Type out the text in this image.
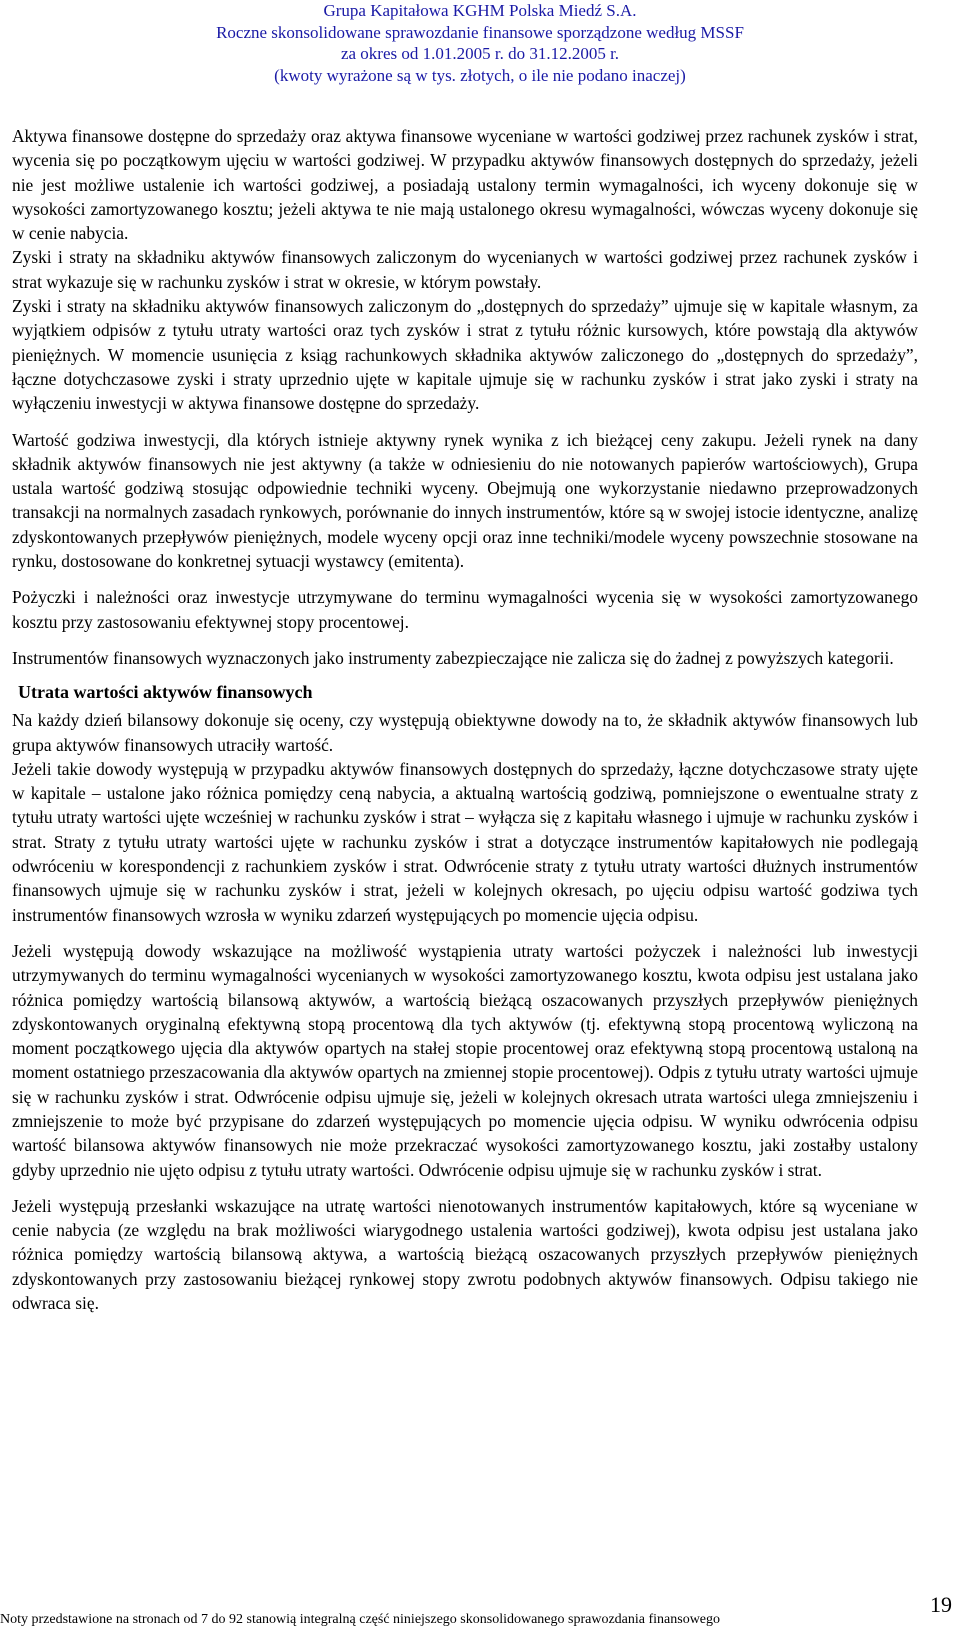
Grupa Kapitałowa KGHM Polska Miedź S.A.
Roczne skonsolidowane sprawozdanie finansowe sporządzone według MSSF
za okres od 1.01.2005 r. do 31.12.2005 r.
(kwoty wyrażone są w tys. złotych, o ile nie podano inaczej)

Aktywa finansowe dostępne do sprzedaży oraz aktywa finansowe wyceniane w wartości godziwej przez rachunek zysków i strat, wycenia się po początkowym ujęciu w wartości godziwej. W przypadku aktywów finansowych dostępnych do sprzedaży, jeżeli nie jest możliwe ustalenie ich wartości godziwej, a posiadają ustalony termin wymagalności, ich wyceny dokonuje się w wysokości zamortyzowanego kosztu; jeżeli aktywa te nie mają ustalonego okresu wymagalności, wówczas wyceny dokonuje się w cenie nabycia.

Zyski i straty na składniku aktywów finansowych zaliczonym do wycenianych w wartości godziwej przez rachunek zysków i strat wykazuje się w rachunku zysków i strat w okresie, w którym powstały.

Zyski i straty na składniku aktywów finansowych zaliczonym do „dostępnych do sprzedaży” ujmuje się w kapitale własnym, za wyjątkiem odpisów z tytułu utraty wartości oraz tych zysków i strat z tytułu różnic kursowych, które powstają dla aktywów pieniężnych. W momencie usunięcia z ksiąg rachunkowych składnika aktywów zaliczonego do „dostępnych do sprzedaży”, łączne dotychczasowe zyski i straty uprzednio ujęte w kapitale ujmuje się w rachunku zysków i strat jako zyski i straty na wyłączeniu inwestycji w aktywa finansowe dostępne do sprzedaży.

Wartość godziwa inwestycji, dla których istnieje aktywny rynek wynika z ich bieżącej ceny zakupu. Jeżeli rynek na dany składnik aktywów finansowych nie jest aktywny (a także w odniesieniu do nie notowanych papierów wartościowych), Grupa ustala wartość godziwą stosując odpowiednie techniki wyceny. Obejmują one wykorzystanie niedawno przeprowadzonych transakcji na normalnych zasadach rynkowych, porównanie do innych instrumentów, które są w swojej istocie identyczne, analizę zdyskontowanych przepływów pieniężnych, modele wyceny opcji oraz inne techniki/modele wyceny powszechnie stosowane na rynku, dostosowane do konkretnej sytuacji wystawcy (emitenta).

Pożyczki i należności oraz inwestycje utrzymywane do terminu wymagalności wycenia się w wysokości zamortyzowanego kosztu przy zastosowaniu efektywnej stopy procentowej.

Instrumentów finansowych wyznaczonych jako instrumenty zabezpieczające nie zalicza się do żadnej z powyższych kategorii.

Utrata wartości aktywów finansowych

Na każdy dzień bilansowy dokonuje się oceny, czy występują obiektywne dowody na to, że składnik aktywów finansowych lub grupa aktywów finansowych utraciły wartość.

Jeżeli takie dowody występują w przypadku aktywów finansowych dostępnych do sprzedaży, łączne dotychczasowe straty ujęte w kapitale – ustalone jako różnica pomiędzy ceną nabycia, a aktualną wartością godziwą, pomniejszone o ewentualne straty z tytułu utraty wartości ujęte wcześniej w rachunku zysków i strat – wyłącza się z kapitału własnego i ujmuje w rachunku zysków i strat. Straty z tytułu utraty wartości ujęte w rachunku zysków i strat a dotyczące instrumentów kapitałowych nie podlegają odwróceniu w korespondencji z rachunkiem zysków i strat. Odwrócenie straty z tytułu utraty wartości dłużnych instrumentów finansowych ujmuje się w rachunku zysków i strat, jeżeli w kolejnych okresach, po ujęciu odpisu wartość godziwa tych instrumentów finansowych wzrosła w wyniku zdarzeń występujących po momencie ujęcia odpisu.

Jeżeli występują dowody wskazujące na możliwość wystąpienia utraty wartości pożyczek i należności lub inwestycji utrzymywanych do terminu wymagalności wycenianych w wysokości zamortyzowanego kosztu, kwota odpisu jest ustalana jako różnica pomiędzy wartością bilansową aktywów, a wartością bieżącą oszacowanych przyszłych przepływów pieniężnych zdyskontowanych oryginalną efektywną stopą procentową dla tych aktywów (tj. efektywną stopą procentową wyliczoną na moment początkowego ujęcia dla aktywów opartych na stałej stopie procentowej oraz efektywną stopą procentową ustaloną na moment ostatniego przeszacowania dla aktywów opartych na zmiennej stopie procentowej). Odpis z tytułu utraty wartości ujmuje się w rachunku zysków i strat. Odwrócenie odpisu ujmuje się, jeżeli w kolejnych okresach utrata wartości ulega zmniejszeniu i zmniejszenie to może być przypisane do zdarzeń występujących po momencie ujęcia odpisu. W wyniku odwrócenia odpisu wartość bilansowa aktywów finansowych nie może przekraczać wysokości zamortyzowanego kosztu, jaki zostałby ustalony gdyby uprzednio nie ujęto odpisu z tytułu utraty wartości. Odwrócenie odpisu ujmuje się w rachunku zysków i strat.

Jeżeli występują przesłanki wskazujące na utratę wartości nienotowanych instrumentów kapitałowych, które są wyceniane w cenie nabycia (ze względu na brak możliwości wiarygodnego ustalenia wartości godziwej), kwota odpisu jest ustalana jako różnica pomiędzy wartością bilansową aktywa, a wartością bieżącą oszacowanych przyszłych przepływów pieniężnych zdyskontowanych przy zastosowaniu bieżącej rynkowej stopy zwrotu podobnych aktywów finansowych. Odpisu takiego nie odwraca się.

Noty przedstawione na stronach od 7 do 92 stanowią integralną część niniejszego skonsolidowanego sprawozdania finansowego
19
